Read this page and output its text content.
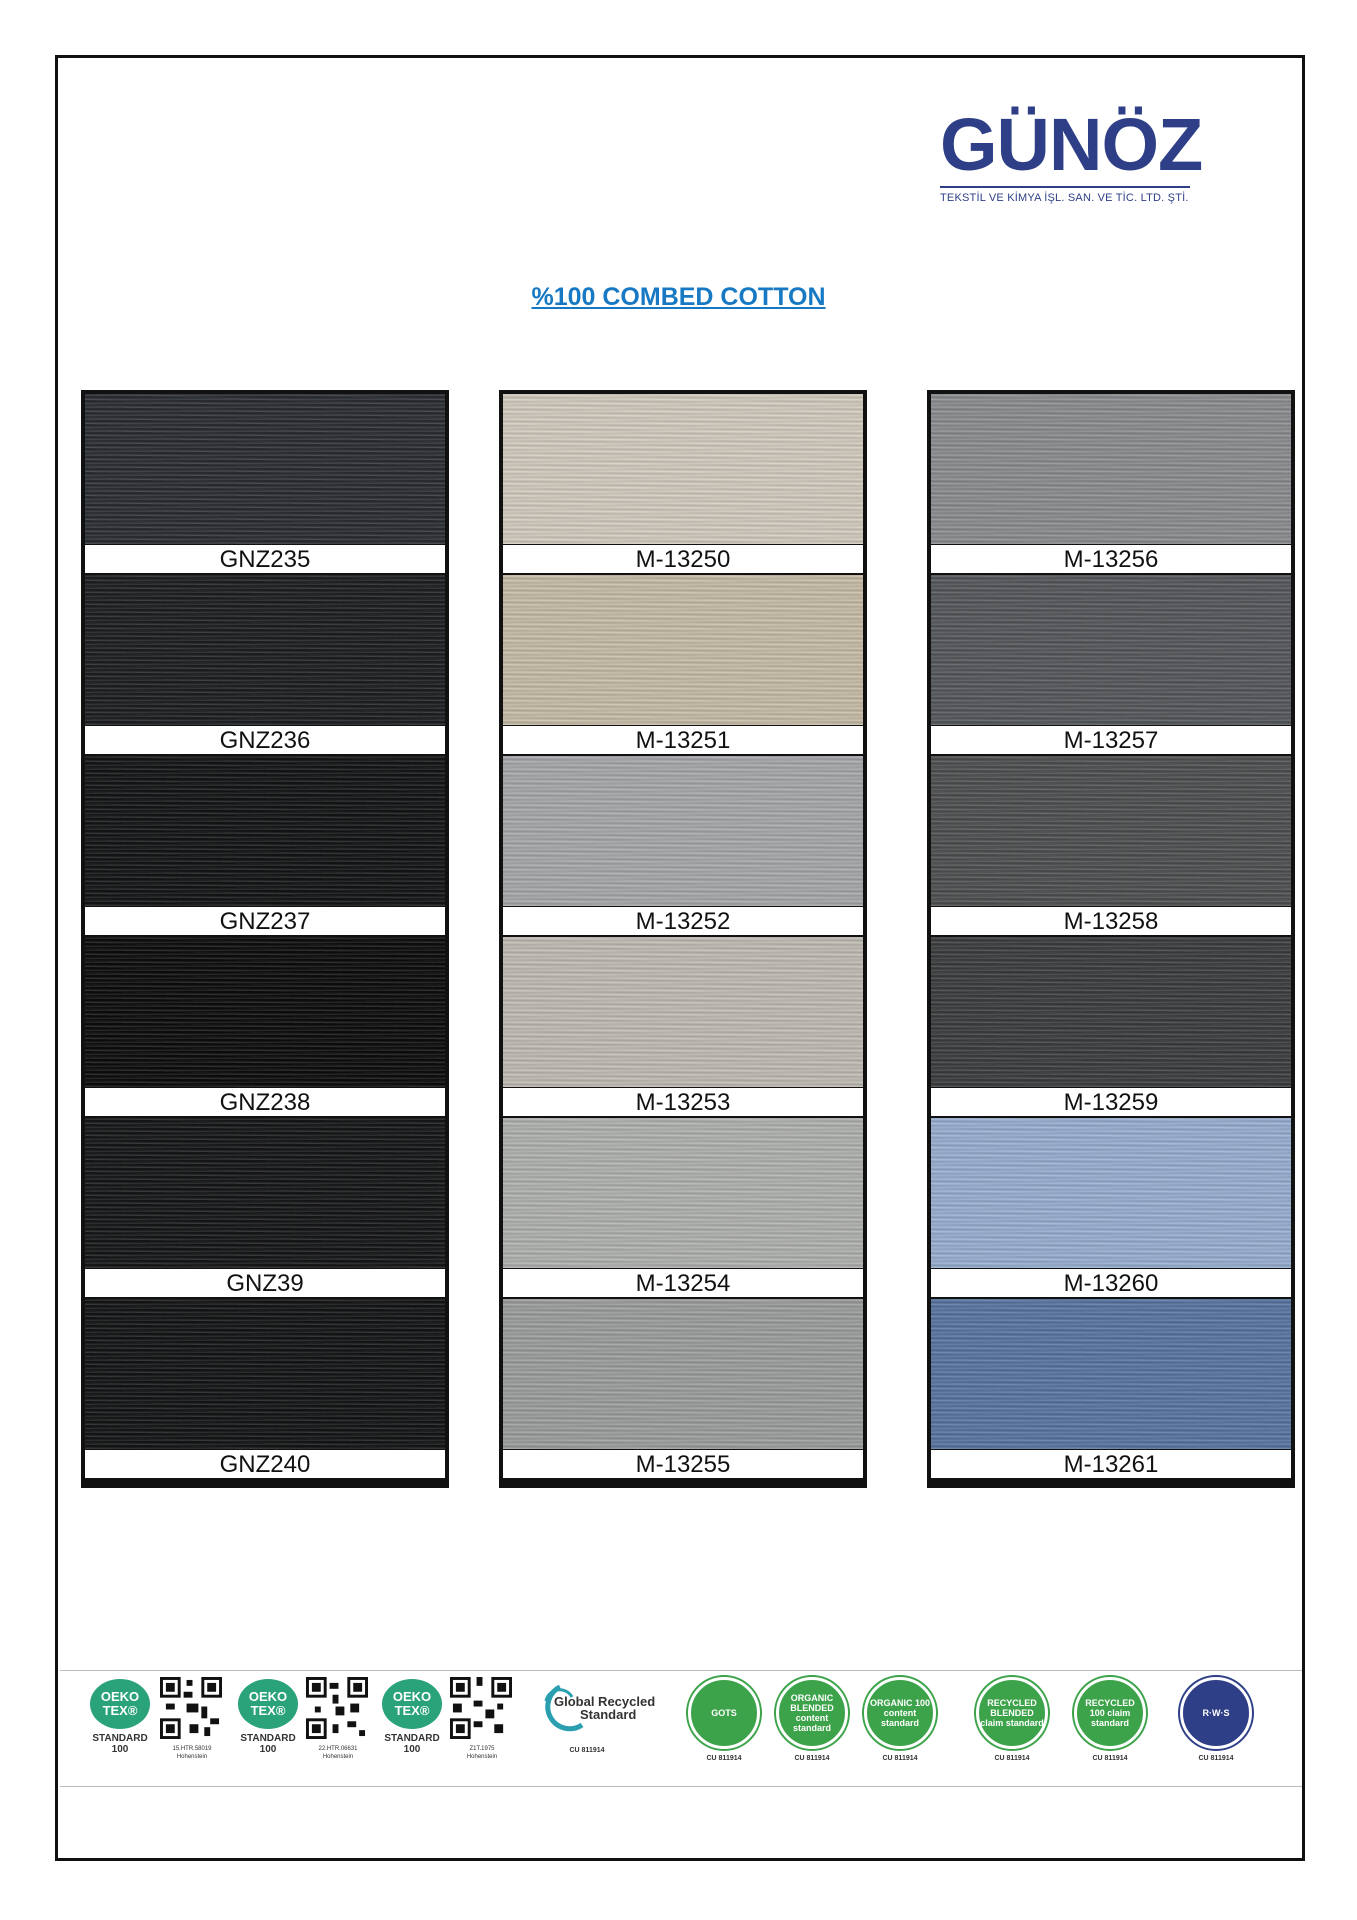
GÜNÖZ
TEKSTİL VE KİMYA İŞL. SAN. VE TİC. LTD. ŞTİ.
%100 COMBED COTTON
GNZ235
GNZ236
GNZ237
GNZ238
GNZ39
GNZ240
M-13250
M-13251
M-13252
M-13253
M-13254
M-13255
M-13256
M-13257
M-13258
M-13259
M-13260
M-13261
OEKO TEX®
STANDARD 100	15.HTR.58019
Hohenstein
OEKO TEX®
STANDARD 100	22.HTR.06631
Hohenstein
OEKO TEX®
STANDARD 100	Z1T.1975
Hohenstein
Global Recycled
Standard
CU 811914
GOTS
CU 811914
ORGANIC BLENDED content standard
CU 811914
ORGANIC 100 content standard
CU 811914
RECYCLED BLENDED claim standard
CU 811914
RECYCLED 100 claim standard
CU 811914
R·W·S
CU 811914
